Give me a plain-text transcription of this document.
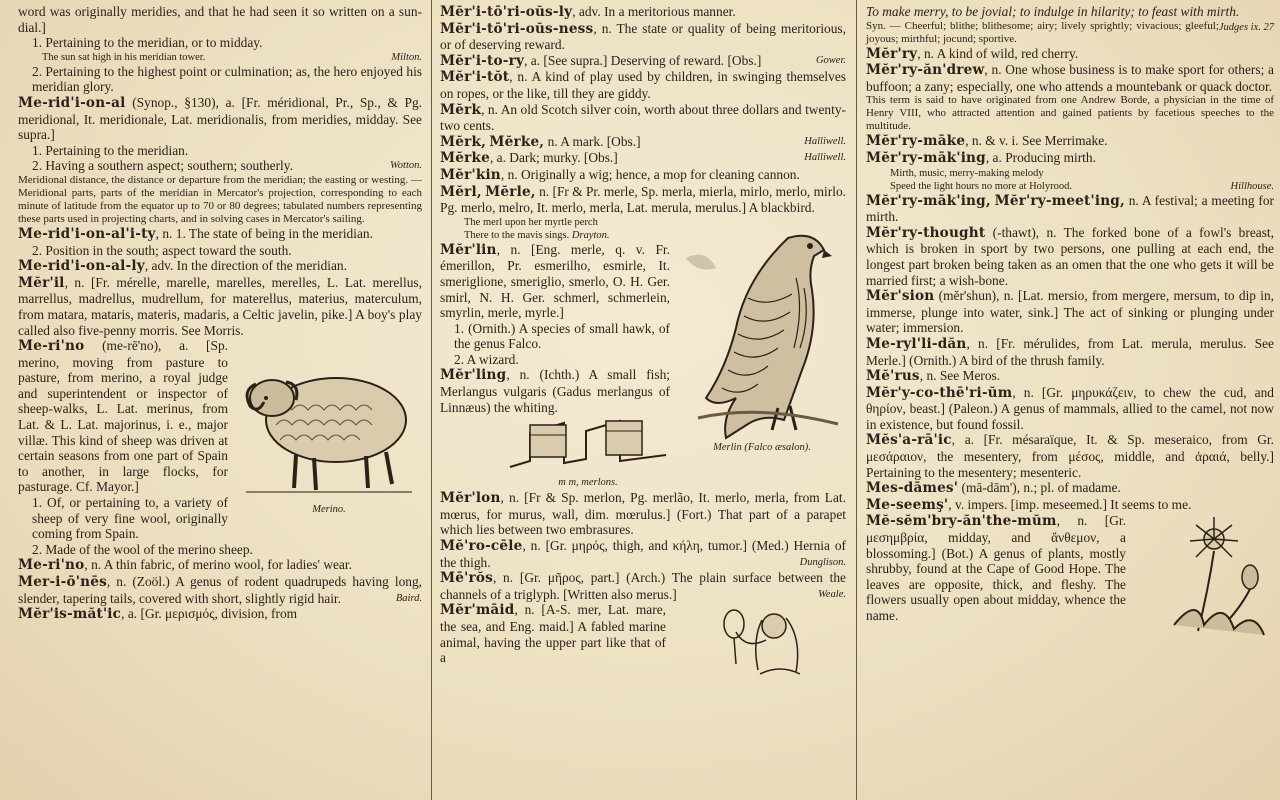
word was originally meridies, and that he had seen it so written on a sun-dial.]

1. Pertaining to the meridian, or to midday.

The sun sat high in his meridian tower.	Milton.

2. Pertaining to the highest point or culmination; as, the hero enjoyed his meridian glory.

Me-rid'i-on-al (Synop., §130), a. [Fr. méridional, Pr., Sp., & Pg. meridional, It. meridionale, Lat. meridionalis, from meridies, midday. See supra.]

1. Pertaining to the meridian.

2. Having a southern aspect; southern; southerly.	Wotton.

Meridional distance, the distance or departure from the meridian; the easting or westing. — Meridional parts, parts of the meridian in Mercator's projection, corresponding to each minute of latitude from the equator up to 70 or 80 degrees; tabulated numbers representing these parts used in projecting charts, and in solving cases in Mercator's sailing.

Me-rid'i-on-al'i-ty, n. 1. The state of being in the meridian.

2. Position in the south; aspect toward the south.

Me-rid'i-on-al-ly, adv. In the direction of the meridian.

Mĕr'il, n. [Fr. mérelle, marelle, marelles, merelles, L. Lat. merellus, marrellus, madrellus, mudrellum, for materellus, materius, materculum, from matara, mataris, materis, madaris, a Celtic javelin, pike.] A boy's play called also five-penny morris. See Morris.

Merino.

Me-ri'no (me-rē'no), a. [Sp. merino, moving from pasture to pasture, from merino, a royal judge and superintendent or inspector of sheep-walks, L. Lat. merinus, from Lat. & L. Lat. majorinus, i. e., major villæ. This kind of sheep was driven at certain seasons from one part of Spain to another, in large flocks, for pasturage. Cf. Mayor.]

1. Of, or pertaining to, a variety of sheep of very fine wool, originally coming from Spain.

2. Made of the wool of the merino sheep.

Me-ri'no, n. A thin fabric, of merino wool, for ladies' wear.

Mer-i-ō'nēs, n. (Zoöl.) A genus of rodent quadrupeds having long, slender, tapering tails, covered with short, slightly rigid hair.	Baird.

Mĕr'is-măt'ic, a. [Gr. μερισμός, division, from

Mĕr'i-tō'ri-oŭs-ly, adv. In a meritorious manner.

Mĕr'i-tō'ri-oŭs-ness, n. The state or quality of being meritorious, or of deserving reward.

Mĕr'i-to-ry, a. [See supra.] Deserving of reward. [Obs.]	Gower.

Mĕr'i-tŏt, n. A kind of play used by children, in swinging themselves on ropes, or the like, till they are giddy.

Mĕrk, n. An old Scotch silver coin, worth about three dollars and twenty-two cents.

Mĕrk, Mĕrke, n. A mark. [Obs.]	Halliwell.

Mĕrke, a. Dark; murky. [Obs.]	Halliwell.

Mĕr'kin, n. Originally a wig; hence, a mop for cleaning cannon.

Mĕrl, Mĕrle, n. [Fr & Pr. merle, Sp. merla, mierla, mirlo, merlo, mirlo. Pg. merlo, melro, It. merlo, merla, Lat. merula, merulus.] A blackbird.

Merlin (Falco æsalon).

The merl upon her myrtle perch
There to the mavis sings. Drayton.

Mĕr'lin, n. [Eng. merle, q. v. Fr. émerillon, Pr. esmerilho, esmirle, It. smeriglione, smeriglio, smerlo, O. H. Ger. smirl, N. H. Ger. schmerl, schmerlein, smyrlin, merle, myrle.]

1. (Ornith.) A species of small hawk, of the genus Falco.

2. A wizard.

Mĕr'ling, n. (Ichth.) A small fish; Merlangus vulgaris (Gadus merlangus of Linnæus) the whiting.

m m, merlons.

Mĕr'lon, n. [Fr & Sp. merlon, Pg. merlão, It. merlo, merla, from Lat. mœrus, for murus, wall, dim. mœrulus.] (Fort.) That part of a parapet which lies between two embrasures.

Mĕ'ro-cēle, n. [Gr. μηρός, thigh, and κήλη, tumor.] (Med.) Hernia of the thigh.	Dunglison.

Mē'rŏs, n. [Gr. μῆρος, part.] (Arch.) The plain surface between the channels of a triglyph. [Written also merus.]	Weale.

Mĕr'māid, n. [A-S. mer, Lat. mare, the sea, and Eng. maid.] A fabled marine animal, having the upper part like that of a

To make merry, to be jovial; to indulge in hilarity; to feast with mirth.
Judges ix. 27

Syn. — Cheerful; blithe; blithesome; airy; lively sprightly; vivacious; gleeful; joyous; mirthful; jocund; sportive.

Mĕr'ry, n. A kind of wild, red cherry.

Mĕr'ry-ăn'drew, n. One whose business is to make sport for others; a buffoon; a zany; especially, one who attends a mountebank or quack doctor.

This term is said to have originated from one Andrew Borde, a physician in the time of Henry VIII, who attracted attention and gained patients by facetious speeches to the multitude.

Mĕr'ry-māke, n. & v. i. See Merrimake.

Mĕr'ry-māk'ing, a. Producing mirth.

Mirth, music, merry-making melody
Speed the light hours no more at Holyrood.	Hillhouse.

Mĕr'ry-māk'ing, Mĕr'ry-meet'ing, n. A festival; a meeting for mirth.

Mĕr'ry-thought (-thawt), n. The forked bone of a fowl's breast, which is broken in sport by two persons, one pulling at each end, the longest part broken being taken as an omen that the one who gets it will be married first; a wish-bone.

Mĕr'sion (mĕr'shun), n. [Lat. mersio, from mergere, mersum, to dip in, immerse, plunge into water, sink.] The act of sinking or plunging under water; immersion.

Me-ryl'li-dăn, n. [Fr. mérulides, from Lat. merula, merulus. See Merle.] (Ornith.) A bird of the thrush family.

Mĕ'rus, n. See Meros.

Mĕr'y-co-thē'ri-ŭm, n. [Gr. μηρυκάζειν, to chew the cud, and θηρίον, beast.] (Paleon.) A genus of mammals, allied to the camel, not now in existence, but found fossil.

Mĕs'a-rā'ic, a. [Fr. mésaraïque, It. & Sp. meseraico, from Gr. μεσάραιον, the mesentery, from μέσος, middle, and ἀραιά, belly.] Pertaining to the mesentery; mesenteric.

Mes-dāmes' (mā-dām'), n.; pl. of madame.

Me-seemş', v. impers. [imp. meseemed.] It seems to me.

Mĕ-sĕm'bry-ăn'the-mŭm, n. [Gr. μεσημβρία, midday, and ἄνθεμον, a blossoming.] (Bot.) A genus of plants, mostly shrubby, found at the Cape of Good Hope. The leaves are opposite, thick, and fleshy. The flowers usually open about midday, whence the name.
